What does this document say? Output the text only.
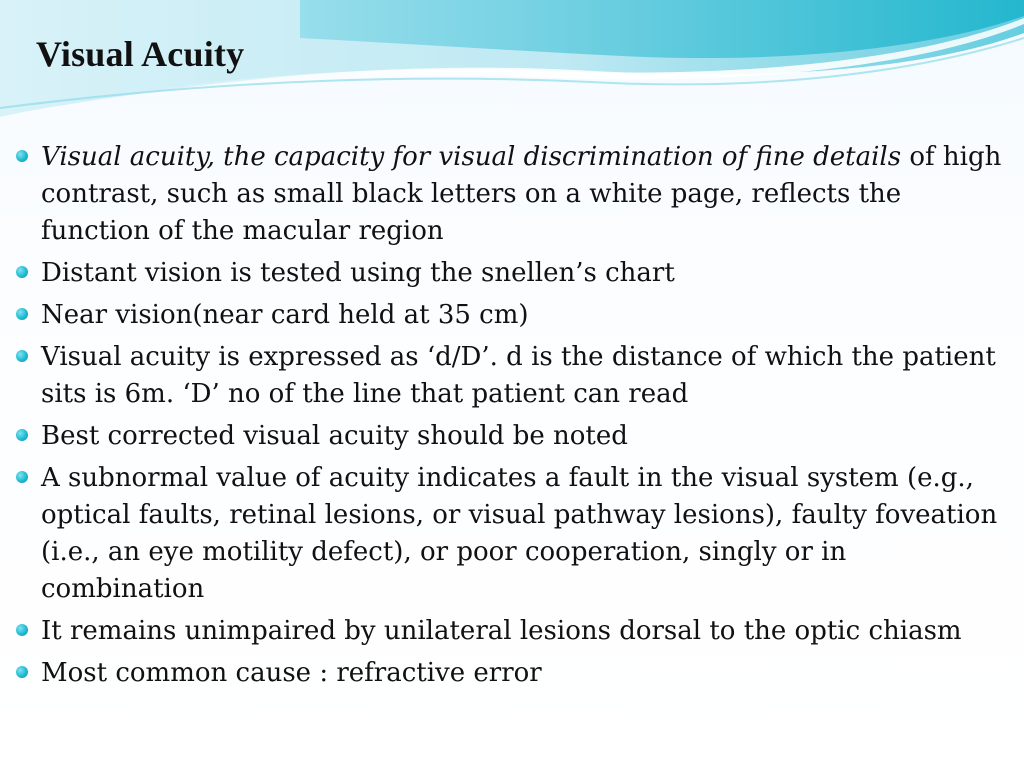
Visual Acuity
Visual acuity, the capacity for visual discrimination of fine details of high contrast, such as small black letters on a white page, reflects the function of the macular region
Distant vision is tested using the snellen’s chart
Near vision(near card held at 35 cm)
Visual acuity is expressed as ‘d/D’. d is the distance of which the patient sits is 6m. ‘D’ no of the line that patient can read
Best corrected visual acuity should be noted
A subnormal value of acuity indicates a fault in the visual system (e.g., optical faults, retinal lesions, or visual pathway lesions), faulty foveation (i.e., an eye motility defect), or poor cooperation, singly or in combination
It remains unimpaired by unilateral lesions dorsal to the optic chiasm
Most common cause : refractive error
